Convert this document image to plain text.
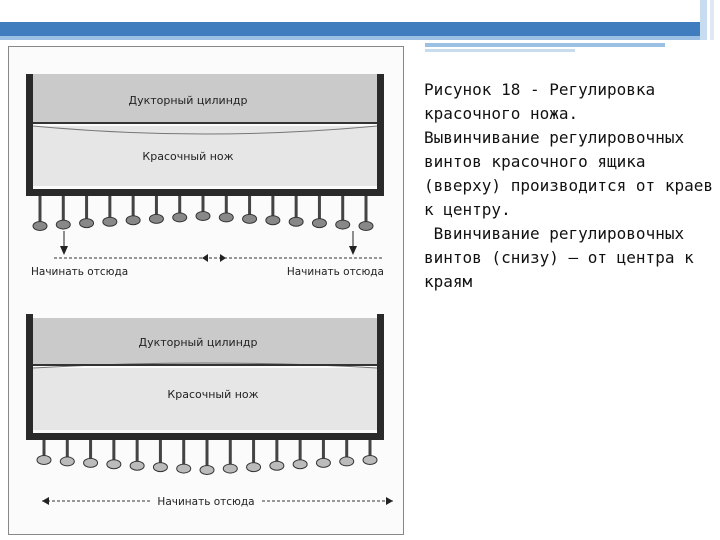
Дукторный цилиндр
Красочный нож
Начинать отсюда	Начинать отсюда
Дукторный цилиндр
Красочный нож
Начинать отсюда

Рисунок 18 - Регулировка красочного ножа.

Вывинчивание регулировочных винтов красочного ящика (вверху) производится от краев к центру.

Ввинчивание регулировочных винтов (снизу) – от центра к краям
